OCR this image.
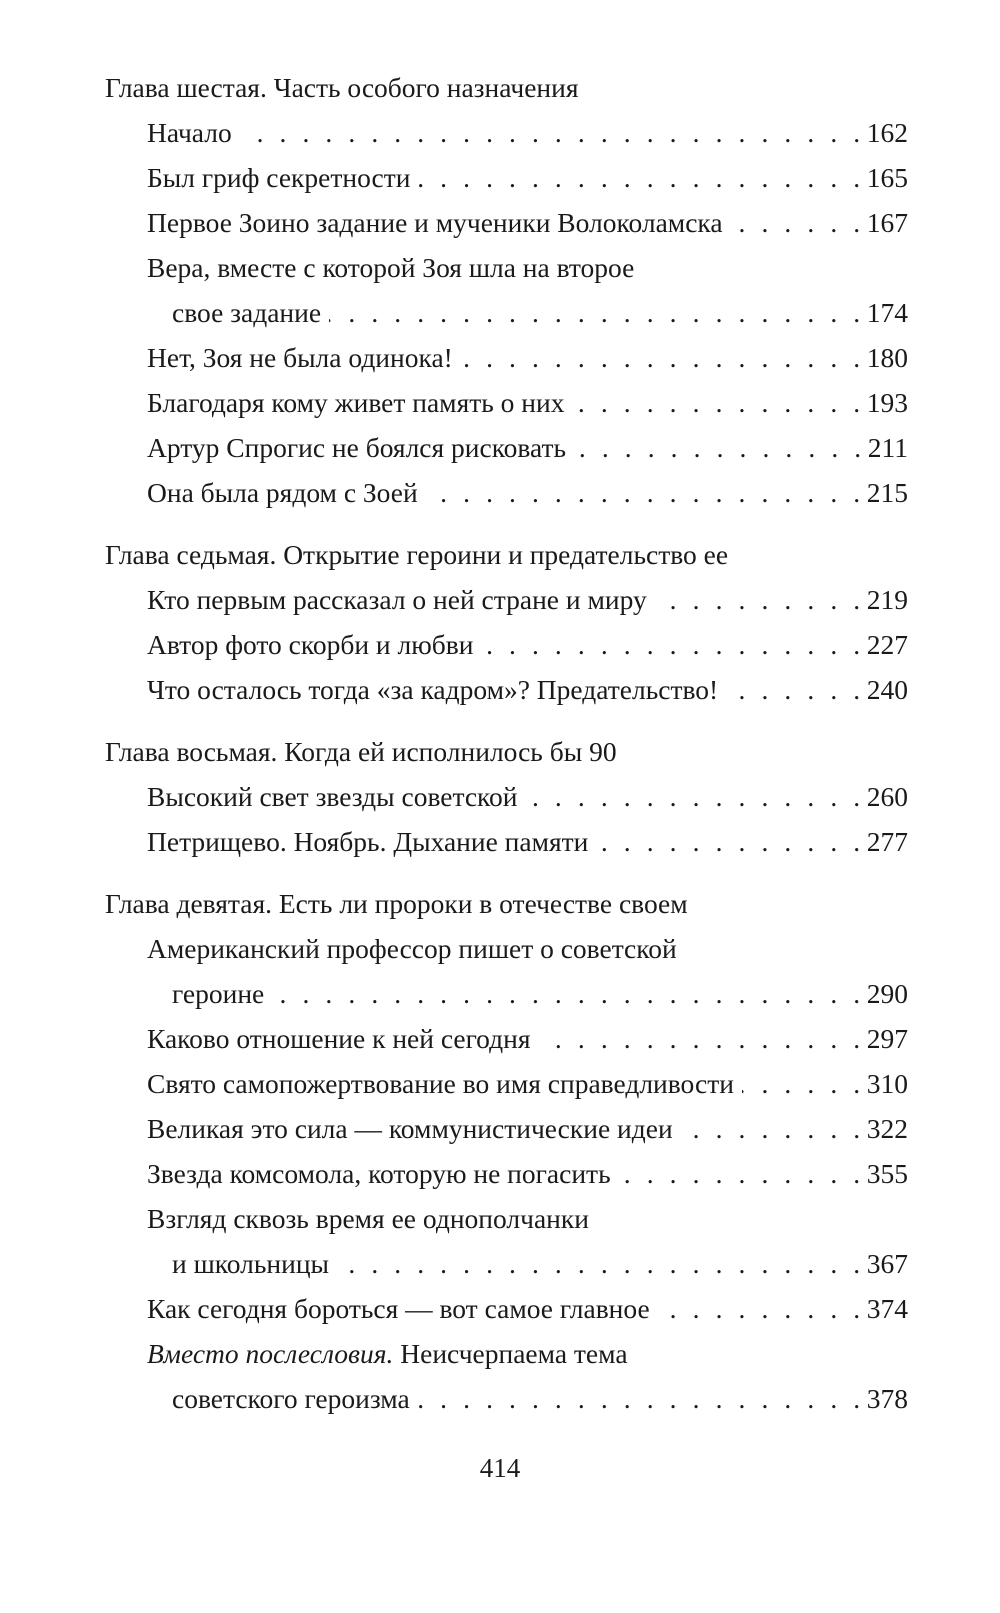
Глава шестая. Часть особого назначения
Начало . . .	162
Был гриф секретности . . .	165
Первое Зоино задание и мученики Волоколамска . . .	167
Вера, вместе с которой Зоя шла на второе
свое задание . . .	174
Нет, Зоя не была одинока! . . .	180
Благодаря кому живет память о них . . .	193
Артур Спрогис не боялся рисковать . . .	211
Она была рядом с Зоей . . .	215
Глава седьмая. Открытие героини и предательство ее
Кто первым рассказал о ней стране и миру . . .	219
Автор фото скорби и любви . . .	227
Что осталось тогда «за кадром»? Предательство! . . .	240
Глава восьмая. Когда ей исполнилось бы 90
Высокий свет звезды советской . . .	260
Петрищево. Ноябрь. Дыхание памяти . . .	277
Глава девятая. Есть ли пророки в отечестве своем
Американский профессор пишет о советской
героине . . .	290
Каково отношение к ней сегодня . . .	297
Свято самопожертвование во имя справедливости . . .	310
Великая это сила — коммунистические идеи . . .	322
Звезда комсомола, которую не погасить . . .	355
Взгляд сквозь время ее однополчанки
и школьницы . . .	367
Как сегодня бороться — вот самое главное . . .	374
Вместо послесловия. Неисчерпаема тема
советского героизма . . .	378
414
